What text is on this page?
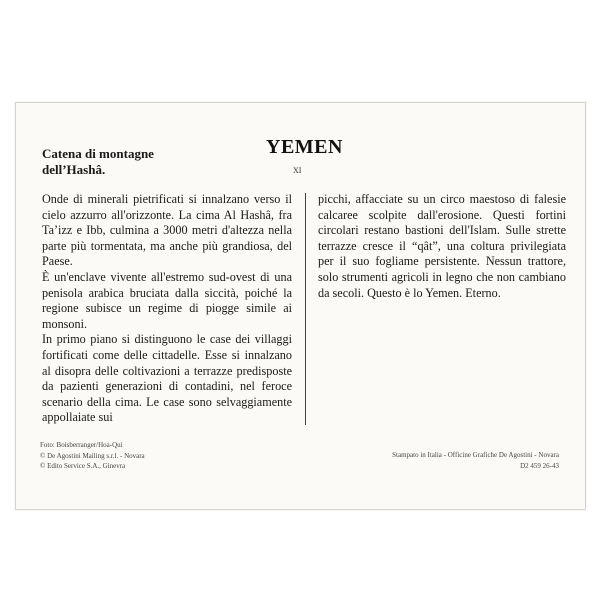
Catena di montagne
dell’Hashâ.
YEMEN
XI

Onde di minerali pietrificati si innalzano verso il cielo azzurro all'orizzonte. La cima Al Hashâ, fra Ta’izz e Ibb, culmina a 3000 metri d'altezza nella parte più tormentata, ma anche più grandiosa, del Paese.

È un'enclave vivente all'estremo sud-ovest di una penisola arabica bruciata dalla siccità, poiché la regione subisce un regime di piogge simile ai monsoni.

In primo piano si distinguono le case dei villaggi fortificati come delle cittadelle. Esse si innalzano al disopra delle coltivazioni a terrazze predisposte da pazienti generazioni di contadini, nel feroce scenario della cima. Le case sono selvaggiamente appollaiate sui

picchi, affacciate su un circo maestoso di falesie calcaree scolpite dall'erosione. Questi fortini circolari restano bastioni dell'Islam. Sulle strette terrazze cresce il “qât”, una coltura privilegiata per il suo fogliame persistente. Nessun trattore, solo strumenti agricoli in legno che non cambiano da secoli. Questo è lo Yemen. Eterno.

Foto: Boisberranger/Hoa-Qui
© De Agostini Mailing s.r.l. - Novara
© Edito Service S.A., Ginevra
Stampato in Italia - Officine Grafiche De Agostini - Novara
D2 459 26-43
